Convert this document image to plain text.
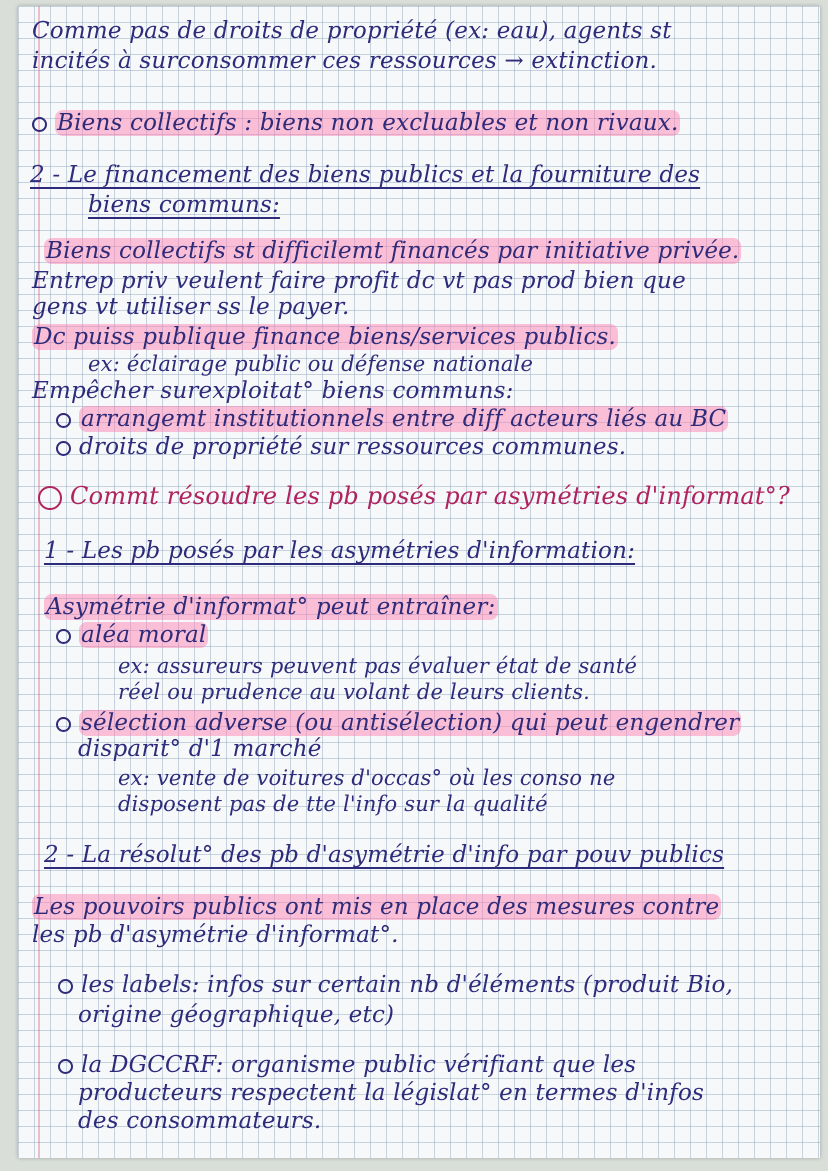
Comme pas de droits de propriété (ex: eau), agents st
incités à surconsommer ces ressources → extinction.
Biens collectifs : biens non excluables et non rivaux.
2 - Le financement des biens publics et la fourniture des
biens communs:
Biens collectifs st difficilemt financés par initiative privée.
Entrep priv veulent faire profit dc vt pas prod bien que
gens vt utiliser ss le payer.
Dc puiss publique finance biens/services publics.
ex: éclairage public ou défense nationale
Empêcher surexploitat° biens communs:
arrangemt institutionnels entre diff acteurs liés au BC
droits de propriété sur ressources communes.
Commt résoudre les pb posés par asymétries d'informat°?
1 - Les pb posés par les asymétries d'information:
Asymétrie d'informat° peut entraîner:
aléa moral
ex: assureurs peuvent pas évaluer état de santé
réel ou prudence au volant de leurs clients.
sélection adverse (ou antisélection) qui peut engendrer
disparit° d'1 marché
ex: vente de voitures d'occas° où les conso ne
disposent pas de tte l'info sur la qualité
2 - La résolut° des pb d'asymétrie d'info par pouv publics
Les pouvoirs publics ont mis en place des mesures contre
les pb d'asymétrie d'informat°.
les labels: infos sur certain nb d'éléments (produit Bio,
origine géographique, etc)
la DGCCRF: organisme public vérifiant que les
producteurs respectent la législat° en termes d'infos
des consommateurs.
